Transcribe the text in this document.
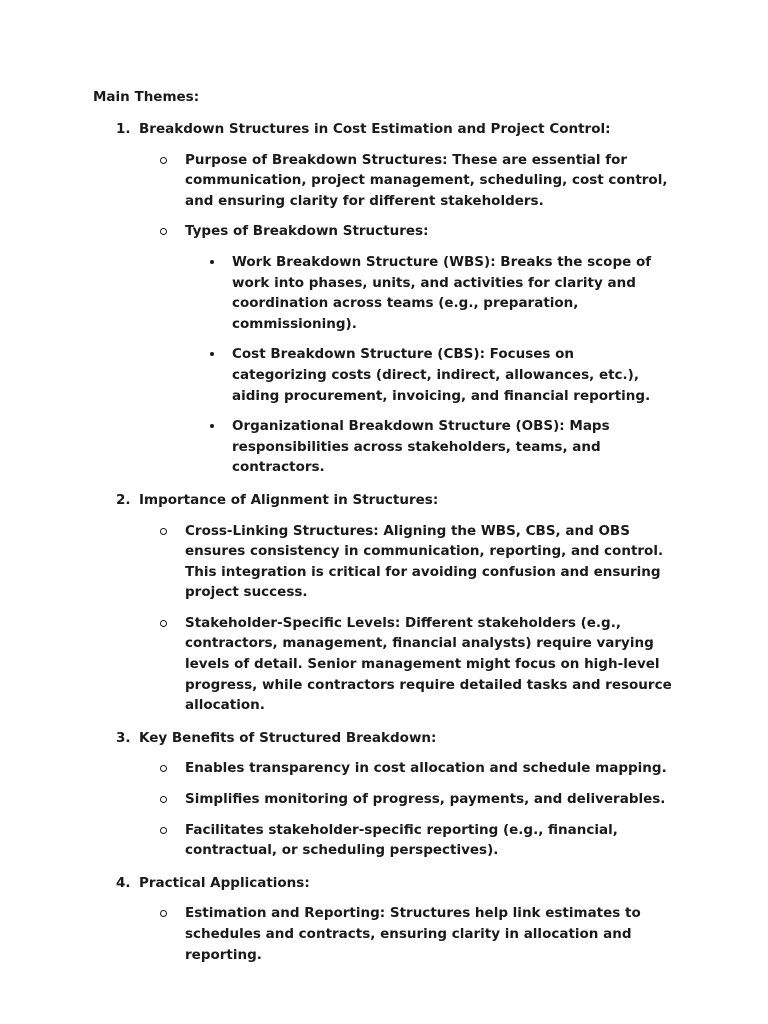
Main Themes:

1. Breakdown Structures in Cost Estimation and Project Control:
Purpose of Breakdown Structures: These are essential for communication, project management, scheduling, cost control, and ensuring clarity for different stakeholders.
Types of Breakdown Structures:
Work Breakdown Structure (WBS): Breaks the scope of work into phases, units, and activities for clarity and coordination across teams (e.g., preparation, commissioning).
Cost Breakdown Structure (CBS): Focuses on categorizing costs (direct, indirect, allowances, etc.), aiding procurement, invoicing, and financial reporting.
Organizational Breakdown Structure (OBS): Maps responsibilities across stakeholders, teams, and contractors.
2. Importance of Alignment in Structures:
Cross-Linking Structures: Aligning the WBS, CBS, and OBS ensures consistency in communication, reporting, and control. This integration is critical for avoiding confusion and ensuring project success.
Stakeholder-Specific Levels: Different stakeholders (e.g., contractors, management, financial analysts) require varying levels of detail. Senior management might focus on high-level progress, while contractors require detailed tasks and resource allocation.
3. Key Benefits of Structured Breakdown:
Enables transparency in cost allocation and schedule mapping.
Simplifies monitoring of progress, payments, and deliverables.
Facilitates stakeholder-specific reporting (e.g., financial, contractual, or scheduling perspectives).
4. Practical Applications:
Estimation and Reporting: Structures help link estimates to schedules and contracts, ensuring clarity in allocation and reporting.
